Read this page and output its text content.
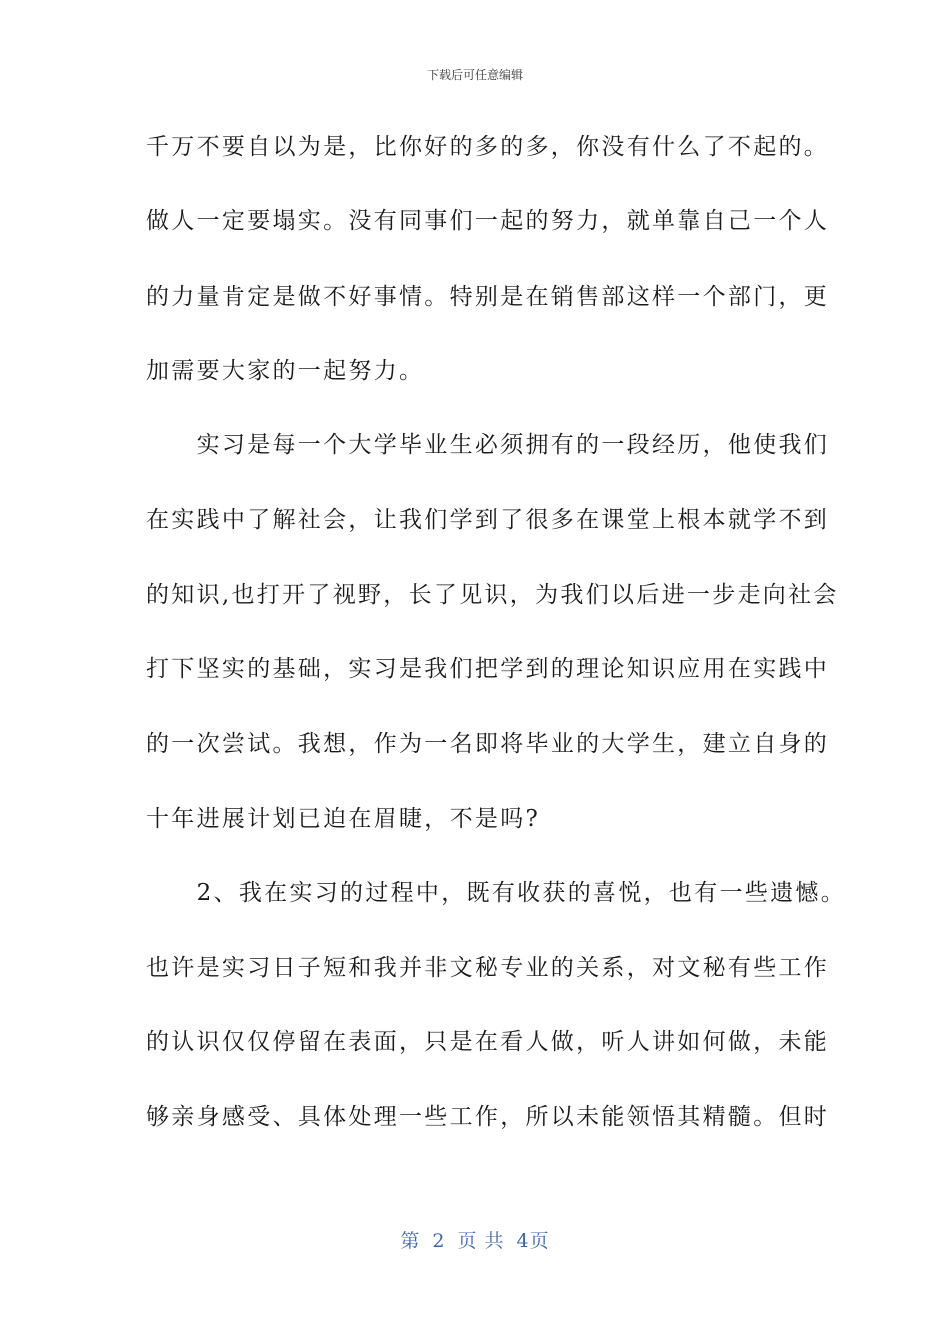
下载后可任意编辑
千万不要自以为是，比你好的多的多，你没有什么了不起的。
做人一定要塌实。没有同事们一起的努力，就单靠自己一个人
的力量肯定是做不好事情。特别是在销售部这样一个部门，更
加需要大家的一起努力。
　　实习是每一个大学毕业生必须拥有的一段经历，他使我们
在实践中了解社会，让我们学到了很多在课堂上根本就学不到
的知识,也打开了视野，长了见识，为我们以后进一步走向社会
打下坚实的基础，实习是我们把学到的理论知识应用在实践中
的一次尝试。我想，作为一名即将毕业的大学生，建立自身的
十年进展计划已迫在眉睫，不是吗?
　　2、我在实习的过程中，既有收获的喜悦，也有一些遗憾。
也许是实习日子短和我并非文秘专业的关系，对文秘有些工作
的认识仅仅停留在表面，只是在看人做，听人讲如何做，未能
够亲身感受、具体处理一些工作，所以未能领悟其精髓。但时
第 2 页 共 4页
